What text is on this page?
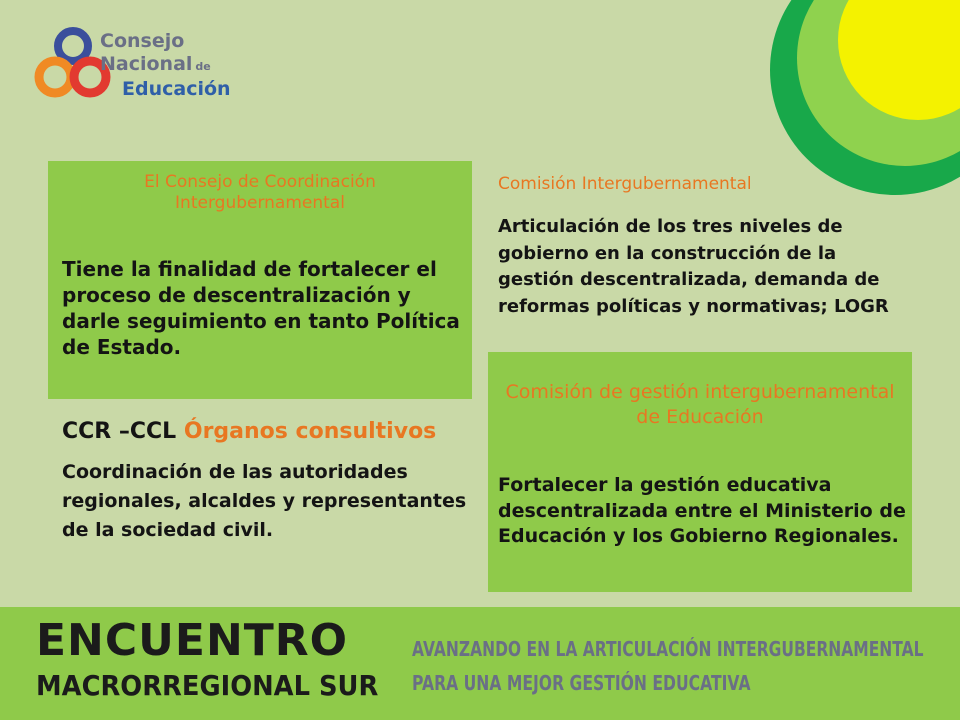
Consejo
Nacional de
Educación
El Consejo de Coordinación Intergubernamental
Tiene la finalidad de fortalecer el proceso de descentralización y darle seguimiento en tanto Política de Estado.
Comisión Intergubernamental
Articulación de los tres niveles de gobierno en la construcción de la gestión descentralizada, demanda de reformas políticas y normativas; LOGR
CCR –CCL Órganos consultivos
Coordinación de las autoridades regionales, alcaldes y representantes de la sociedad civil.
Comisión de gestión intergubernamental de Educación
Fortalecer la gestión educativa descentralizada entre el Ministerio de Educación y los Gobierno Regionales.
ENCUENTRO
MACRORREGIONAL SUR
AVANZANDO EN LA ARTICULACIÓN INTERGUBERNAMENTAL
PARA UNA MEJOR GESTIÓN EDUCATIVA
